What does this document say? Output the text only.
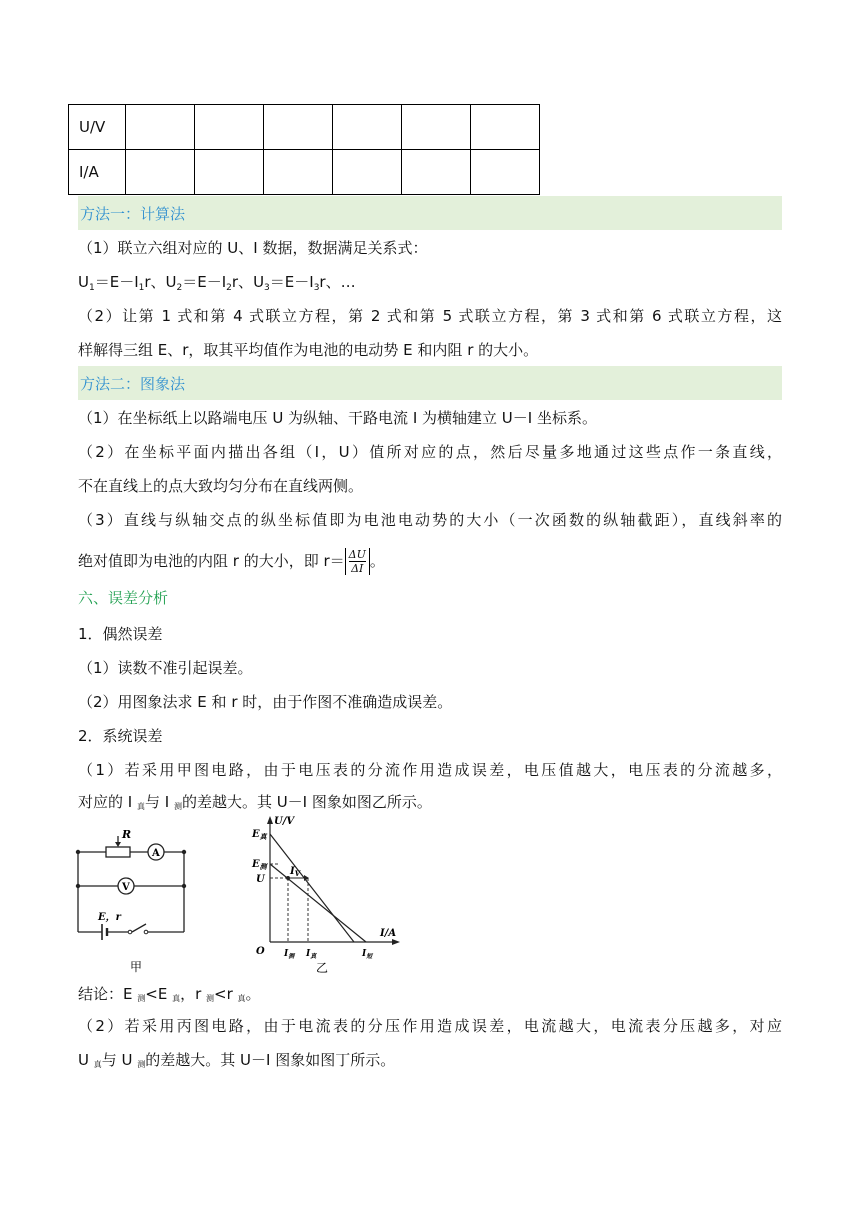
U/V						
I/A						
方法一：计算法
（1）联立六组对应的 U、I 数据，数据满足关系式：
$U_1=E-I_1r$、$U_2=E-I_2r$、$U_3=E-I_3r$、…
（2）让第 1 式和第 4 式联立方程，第 2 式和第 5 式联立方程，第 3 式和第 6 式联立方程，这
样解得三组 E、r，取其平均值作为电池的电动势 E 和内阻 r 的大小。
方法二：图象法
（1）在坐标纸上以路端电压 U 为纵轴、干路电流 I 为横轴建立 U－I 坐标系。
（2）在坐标平面内描出各组（I，U）值所对应的点，然后尽量多地通过这些点作一条直线，
不在直线上的点大致均匀分布在直线两侧。
（3）直线与纵轴交点的纵坐标值即为电池电动势的大小（一次函数的纵轴截距），直线斜率的
绝对值即为电池的内阻 r 的大小，即 $r= \frac{\Delta U}{\Delta I}$ 。
六、误差分析
1．偶然误差
（1）读数不准引起误差。
（2）用图象法求 E 和 r 时，由于作图不准确造成误差。
2．系统误差
（1）若采用甲图电路，由于电压表的分流作用造成误差，电压值越大，电压表的分流越多，
对应的 I $_真$与 I $_测$的差越大。其 U－I 图象如图乙所示。
R
A
V
E，r
甲
U/V
I/A
O
$E_真$
$E_测$
U
$I_V$
$I_测$ $I_真$	$I_短$
乙
结论：E $_测$<E $_真$，r $_测$<r $_真$。
（2）若采用丙图电路，由于电流表的分压作用造成误差，电流越大，电流表分压越多，对应
U $_真$与 U $_测$的差越大。其 U－I 图象如图丁所示。
